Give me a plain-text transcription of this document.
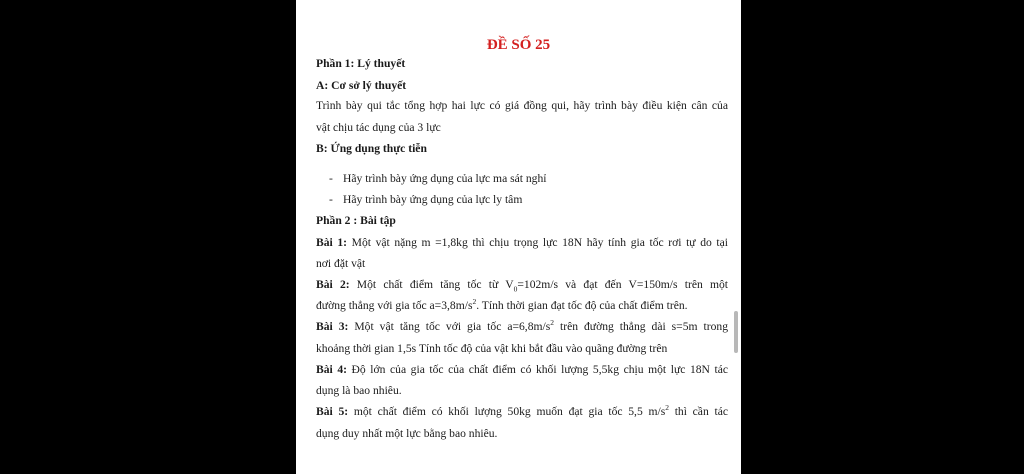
ĐỀ SỐ 25
Phần 1: Lý thuyết
A: Cơ sở lý thuyết
Trình bày qui tắc tổng hợp hai lực có giá đồng qui, hãy trình bày điều kiện cân của
vật chịu tác dụng của 3 lực
B: Ứng dụng thực tiễn
- Hãy trình bày ứng dụng của lực ma sát nghỉ
- Hãy trình bày ứng dụng của lực ly tâm
Phần 2 : Bài tập
Bài 1: Một vật nặng m =1,8kg thì chịu trọng lực 18N hãy tính gia tốc rơi tự do tại
nơi đặt vật
Bài 2: Một chất điểm tăng tốc từ $V_0=102m/s$ và đạt đến V=150m/s trên một
đường thẳng với gia tốc $a=3,8m/s^2$. Tính thời gian đạt tốc độ của chất điểm trên.
Bài 3: Một vật tăng tốc với gia tốc $a=6,8m/s^2$ trên đường thẳng dài s=5m trong
khoảng thời gian 1,5s Tính tốc độ của vật khi bắt đầu vào quãng đường trên
Bài 4: Độ lớn của gia tốc của chất điểm có khối lượng 5,5kg chịu một lực 18N tác
dụng là bao nhiêu.
Bài 5: một chất điểm có khối lượng 50kg muốn đạt gia tốc 5,5 $m/s^2$ thì cần tác
dụng duy nhất một lực bằng bao nhiêu.
